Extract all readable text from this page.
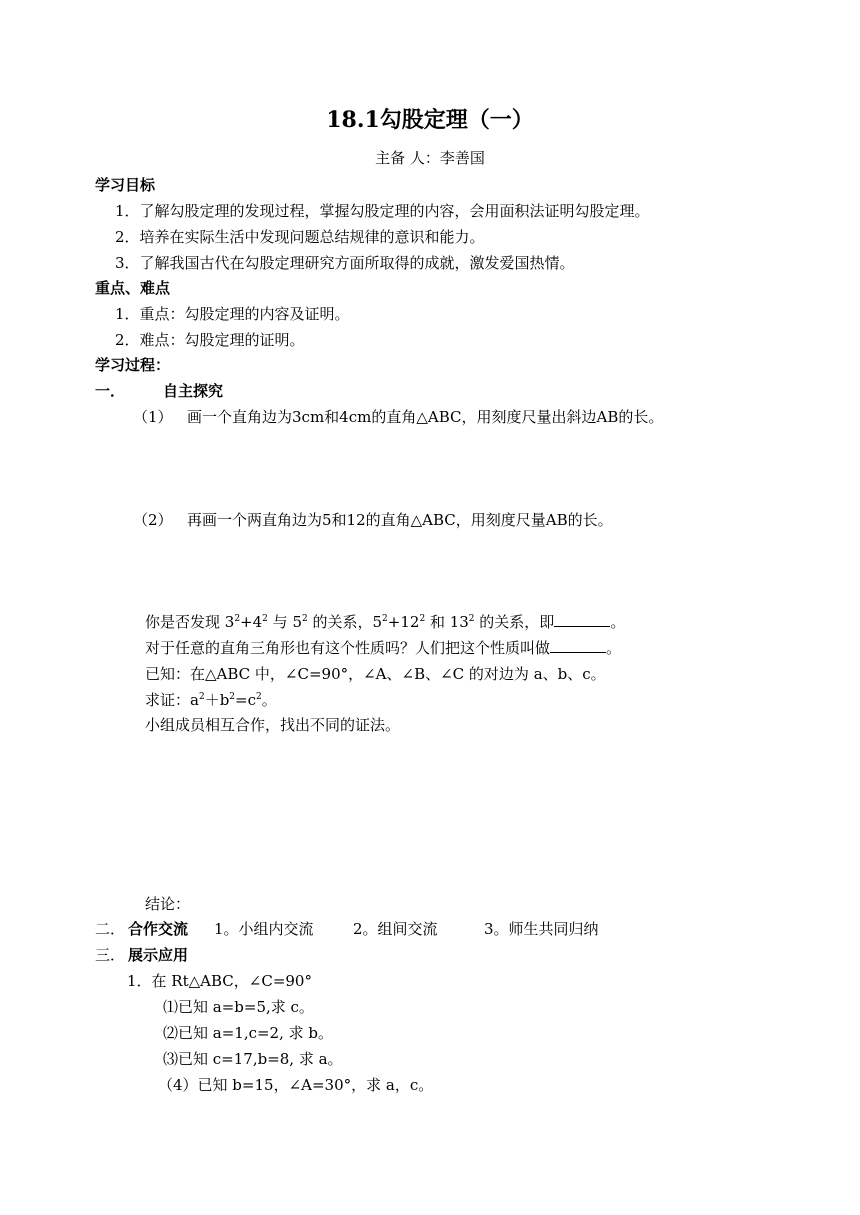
18.1勾股定理（一）
主备 人：李善国
学习目标
1．了解勾股定理的发现过程，掌握勾股定理的内容，会用面积法证明勾股定理。
2．培养在实际生活中发现问题总结规律的意识和能力。
3．了解我国古代在勾股定理研究方面所取得的成就，激发爱国热情。
重点、难点
1．重点：勾股定理的内容及证明。
2．难点：勾股定理的证明。
学习过程：
一．	自主探究
（1） 画一个直角边为3cm和4cm的直角△ABC，用刻度尺量出斜边AB的长。
（2） 再画一个两直角边为5和12的直角△ABC，用刻度尺量AB的长。
你是否发现 $3^2+4^2$ 与 $5^2$ 的关系，$5^2+12^2$ 和 $13^2$ 的关系，即	。
对于任意的直角三角形也有这个性质吗？人们把这个性质叫做	。
已知：在△ABC 中，∠C=90°，∠A、∠B、∠C 的对边为 a、b、c。
求证：$a^2+b^2=c^2$。
小组成员相互合作，找出不同的证法。
结论：
二． 合作交流 1。小组内交流	2。组间交流	3。师生共同归纳
三． 展示应用
1．在 Rt△ABC，∠C=90°
⑴已知 a=b=5,求 c。
⑵已知 a=1,c=2, 求 b。
⑶已知 c=17,b=8, 求 a。
（4）已知 b=15，∠A=30°，求 a，c。
